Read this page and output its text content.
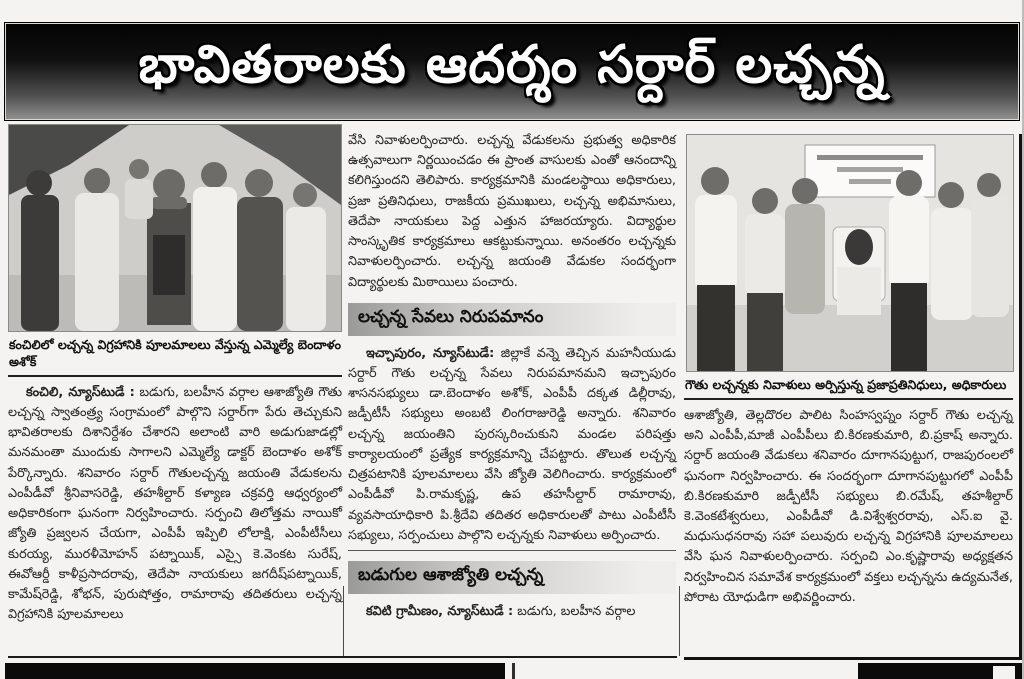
భావితరాలకు ఆదర్శం సర్దార్ లచ్చన్న
కంచిలిలో లచ్చన్న విగ్రహానికి పూలమాలలు వేస్తున్న ఎమ్మెల్యే బెందాళం అశోక్

కంచిలి, న్యూస్‌టుడే : బడుగు, బలహీన వర్గాల ఆశాజ్యోతి గౌతు లచ్చన్న స్వాతంత్ర్య సంగ్రామంలో పాల్గొని సర్దార్‌గా పేరు తెచ్చుకుని భావితరాలకు దిశానిర్దేశం చేశారని అలాంటి వారి అడుగుజాడల్లో మనమంతా ముందుకు సాగాలని ఎమ్మెల్యే డాక్టర్ బెందాళం అశోక్ పేర్కొన్నారు. శనివారం సర్దార్ గౌతులచ్చన్న జయంతి వేడుకలను ఎంపీడీవో శ్రీనివాసరెడ్డి, తహశీల్దార్ కళ్యాణ చక్రవర్తి ఆధ్వర్యంలో అధికారికంగా ఘనంగా నిర్వహించారు. సర్పంచి తిలోత్తమ నాయికో జ్యోతి ప్రజ్వలన చేయగా, ఎంపీపీ ఇప్పిలి లోలాక్షి, ఎంపీటీసీలు కురయ్య, మురళీమోహన్ పట్నాయిక్, ఎస్సై కె.వెంకట సురేష్, ఈవోఆర్డీ కాళీప్రసాదరావు, తెదేపా నాయకులు జగదీష్‌పట్నాయిక్, కామేష్‌రెడ్డి, శోభన్, పురుషోత్తం, రామారావు తదితరులు లచ్చన్న విగ్రహానికి పూలమాలలు

వేసి నివాళులర్పించారు. లచ్చన్న వేడుకలను ప్రభుత్వ అధికారిక ఉత్సవాలుగా నిర్ణయించడం ఈ ప్రాంత వాసులకు ఎంతో ఆనందాన్ని కలిగిస్తుందని తెలిపారు. కార్యక్రమానికి మండలస్థాయి అధికారులు, ప్రజా ప్రతినిధులు, రాజకీయ ప్రముఖులు, లచ్చన్న అభిమానులు, తెదేపా నాయకులు పెద్ద ఎత్తున హాజరయ్యారు. విద్యార్థుల సాంస్కృతిక కార్యక్రమాలు ఆకట్టుకున్నాయి. అనంతరం లచ్చన్నకు నివాళులర్పించారు. లచ్చన్న జయంతి వేడుకల సందర్భంగా విద్యార్థులకు మిఠాయిలు పంచారు.

లచ్చన్న సేవలు నిరుపమానం

ఇచ్చాపురం, న్యూస్‌టుడే: జిల్లాకే వన్నె తెచ్చిన మహనీయుడు సర్దార్ గౌతు లచ్చన్న సేవలు నిరుపమానమని ఇచ్చాపురం శాసనసభ్యులు డా.బెందాళం అశోక్, ఎంపీపీ దక్కత డిల్లీరావు, జడ్పీటీసీ సభ్యులు అంబటి లింగరాజురెడ్డి అన్నారు. శనివారం లచ్చన్న జయంతిని పురస్కరించుకుని మండల పరిషత్తు కార్యాలయంలో ప్రత్యేక కార్యక్రమాన్ని చేపట్టారు. తొలుత లచ్చన్న చిత్రపటానికి పూలమాలలు వేసి జ్యోతి వెలిగించారు. కార్యక్రమంలో ఎంపీడీవో పి.రామకృష్ణ, ఉప తహసీల్దార్ రామారావు, వ్యవసాయాధికారి పి.శ్రీదేవి తదితర అధికారులతో పాటు ఎంపీటీసీ సభ్యులు, సర్పంచులు పాల్గొని లచ్చన్నకు నివాళులు అర్పించారు.

బడుగుల ఆశాజ్యోతి లచ్చన్న

కవిటి గ్రామీణం, న్యూస్‌టుడే : బడుగు, బలహీన వర్గాల

గౌతు లచ్చన్నకు నివాళులు అర్పిస్తున్న ప్రజాప్రతినిధులు, అధికారులు

ఆశాజ్యోతి, తెల్లదొరల పాలిట సింహస్వప్నం సర్దార్ గౌతు లచ్చన్న అని ఎంపీపీ,మాజీ ఎంపీపీలు బి.కిరణకుమారి, బి.ప్రకాష్ అన్నారు. సర్దార్ జయంతి వేడుకలు శనివారం దూగానపుట్టుగ, రాజపురంలలో ఘనంగా నిర్వహించారు. ఈ సందర్భంగా దూగానపుట్టుగలో ఎంపీపీ బి.కిరణకుమారి జడ్పీటీసీ సభ్యులు బి.రమేష్, తహశీల్దార్ కె.వెంకటేశ్వరులు, ఎంపీడీవో డి.విశ్వేశ్వరరావు, ఎస్.ఐ వై. మధుసుధనరావు సహా పలువురు లచ్చన్న విగ్రహానికి పూలమాలలు వేసి ఘన నివాళులర్పించారు. సర్పంచి ఎం.కృష్ణారావు అధ్యక్షతన నిర్వహించిన సమావేశ కార్యక్రమంలో వక్తలు లచ్చన్నను ఉద్యమనేత, పోరాట యోధుడిగా అభివర్ణించారు.
